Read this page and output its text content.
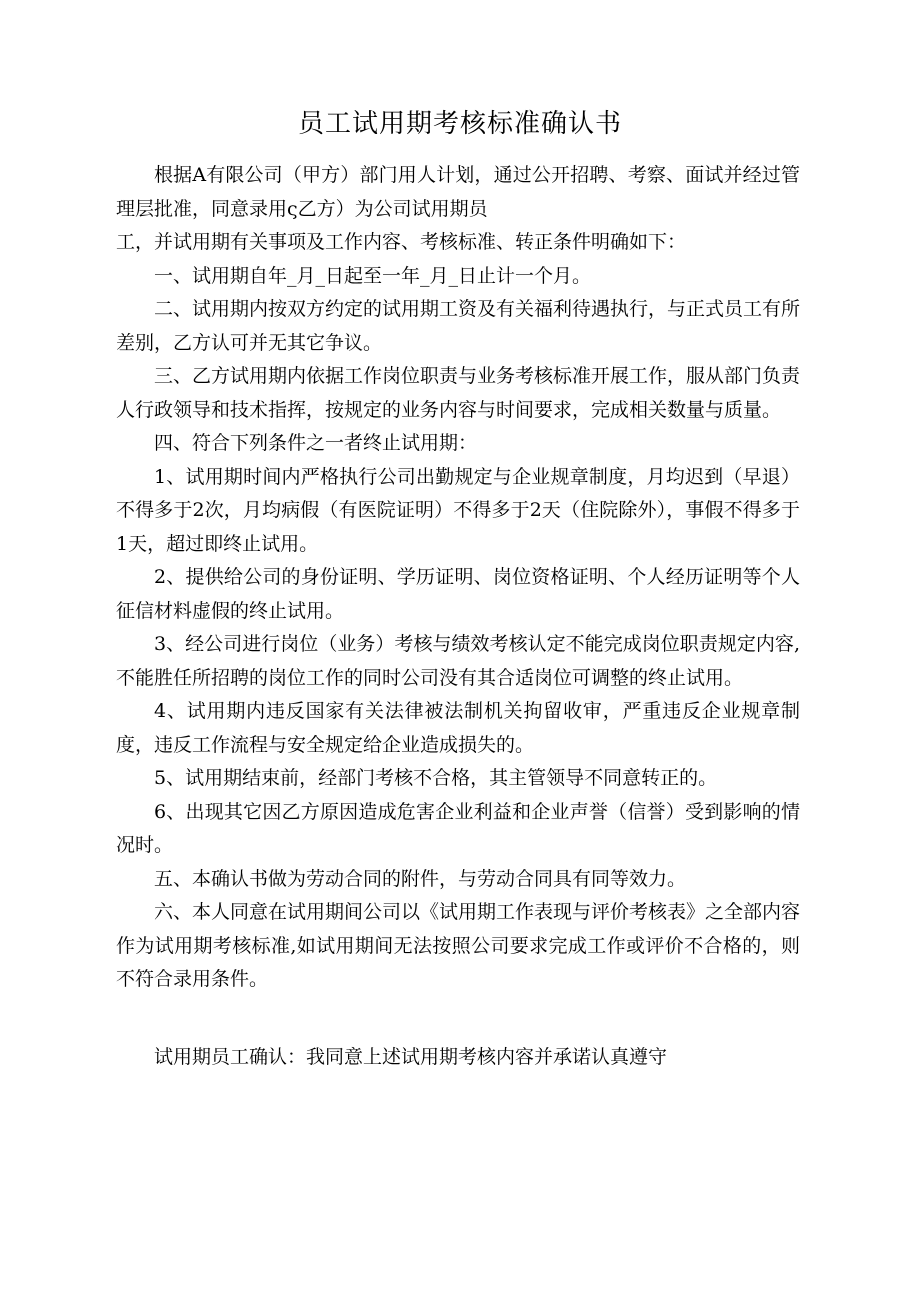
员工试用期考核标准确认书

根据A有限公司（甲方）部门用人计划，通过公开招聘、考察、面试并经过管理层批准，同意录用ς乙方）为公司试用期员

工，并试用期有关事项及工作内容、考核标准、转正条件明确如下：

一、试用期自年_月_日起至一年_月_日止计一个月。

二、试用期内按双方约定的试用期工资及有关福利待遇执行，与正式员工有所差别，乙方认可并无其它争议。

三、乙方试用期内依据工作岗位职责与业务考核标准开展工作，服从部门负责人行政领导和技术指挥，按规定的业务内容与时间要求，完成相关数量与质量。

四、符合下列条件之一者终止试用期：

1、试用期时间内严格执行公司出勤规定与企业规章制度，月均迟到（早退）不得多于2次，月均病假（有医院证明）不得多于2天（住院除外），事假不得多于1天，超过即终止试用。

2、提供给公司的身份证明、学历证明、岗位资格证明、个人经历证明等个人征信材料虚假的终止试用。

3、经公司进行岗位（业务）考核与绩效考核认定不能完成岗位职责规定内容,不能胜任所招聘的岗位工作的同时公司没有其合适岗位可调整的终止试用。

4、试用期内违反国家有关法律被法制机关拘留收审，严重违反企业规章制度，违反工作流程与安全规定给企业造成损失的。

5、试用期结束前，经部门考核不合格，其主管领导不同意转正的。

6、出现其它因乙方原因造成危害企业利益和企业声誉（信誉）受到影响的情况时。

五、本确认书做为劳动合同的附件，与劳动合同具有同等效力。

六、本人同意在试用期间公司以《试用期工作表现与评价考核表》之全部内容作为试用期考核标准,如试用期间无法按照公司要求完成工作或评价不合格的，则不符合录用条件。

试用期员工确认：我同意上述试用期考核内容并承诺认真遵守
